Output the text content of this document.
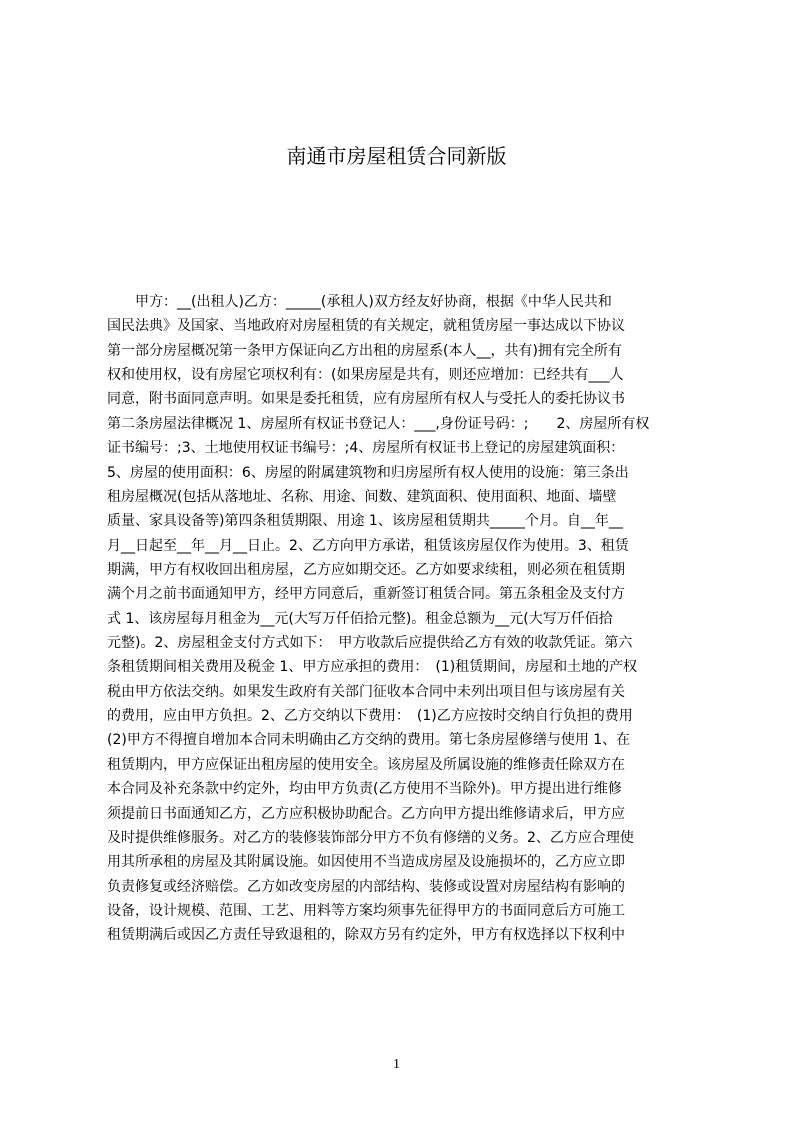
南通市房屋租赁合同新版
　　甲方：__(出租人)乙方：_____(承租人)双方经友好协商，根据《中华人民共和
国民法典》及国家、当地政府对房屋租赁的有关规定，就租赁房屋一事达成以下协议
第一部分房屋概况第一条甲方保证向乙方出租的房屋系(本人__，共有)拥有完全所有
权和使用权，设有房屋它项权利有：(如果房屋是共有，则还应增加：已经共有___人
同意，附书面同意声明。如果是委托租赁，应有房屋所有权人与受托人的委托协议书
第二条房屋法律概况 1、房屋所有权证书登记人：___,身份证号码：;　　2、房屋所有权
证书编号：;3、土地使用权证书编号：;4、房屋所有权证书上登记的房屋建筑面积：
5、房屋的使用面积：6、房屋的附属建筑物和归房屋所有权人使用的设施：第三条出
租房屋概况(包括从落地址、名称、用途、间数、建筑面积、使用面积、地面、墙壁
质量、家具设备等)第四条租赁期限、用途 1、该房屋租赁期共_____个月。自__年__
月__日起至__年__月__日止。2、乙方向甲方承诺，租赁该房屋仅作为使用。3、租赁
期满，甲方有权收回出租房屋，乙方应如期交还。乙方如要求续租，则必须在租赁期
满个月之前书面通知甲方，经甲方同意后，重新签订租赁合同。第五条租金及支付方
式 1、该房屋每月租金为__元(大写万仟佰拾元整)。租金总额为__元(大写万仟佰拾
元整)。2、房屋租金支付方式如下：　甲方收款后应提供给乙方有效的收款凭证。第六
条租赁期间相关费用及税金 1、甲方应承担的费用：　(1)租赁期间，房屋和土地的产权
税由甲方依法交纳。如果发生政府有关部门征收本合同中未列出项目但与该房屋有关
的费用，应由甲方负担。2、乙方交纳以下费用：　(1)乙方应按时交纳自行负担的费用
(2)甲方不得擅自增加本合同未明确由乙方交纳的费用。第七条房屋修缮与使用 1、在
租赁期内，甲方应保证出租房屋的使用安全。该房屋及所属设施的维修责任除双方在
本合同及补充条款中约定外，均由甲方负责(乙方使用不当除外)。甲方提出进行维修
须提前日书面通知乙方，乙方应积极协助配合。乙方向甲方提出维修请求后，甲方应
及时提供维修服务。对乙方的装修装饰部分甲方不负有修缮的义务。2、乙方应合理使
用其所承租的房屋及其附属设施。如因使用不当造成房屋及设施损坏的，乙方应立即
负责修复或经济赔偿。乙方如改变房屋的内部结构、装修或设置对房屋结构有影响的
设备，设计规模、范围、工艺、用料等方案均须事先征得甲方的书面同意后方可施工
租赁期满后或因乙方责任导致退租的，除双方另有约定外，甲方有权选择以下权利中
1
